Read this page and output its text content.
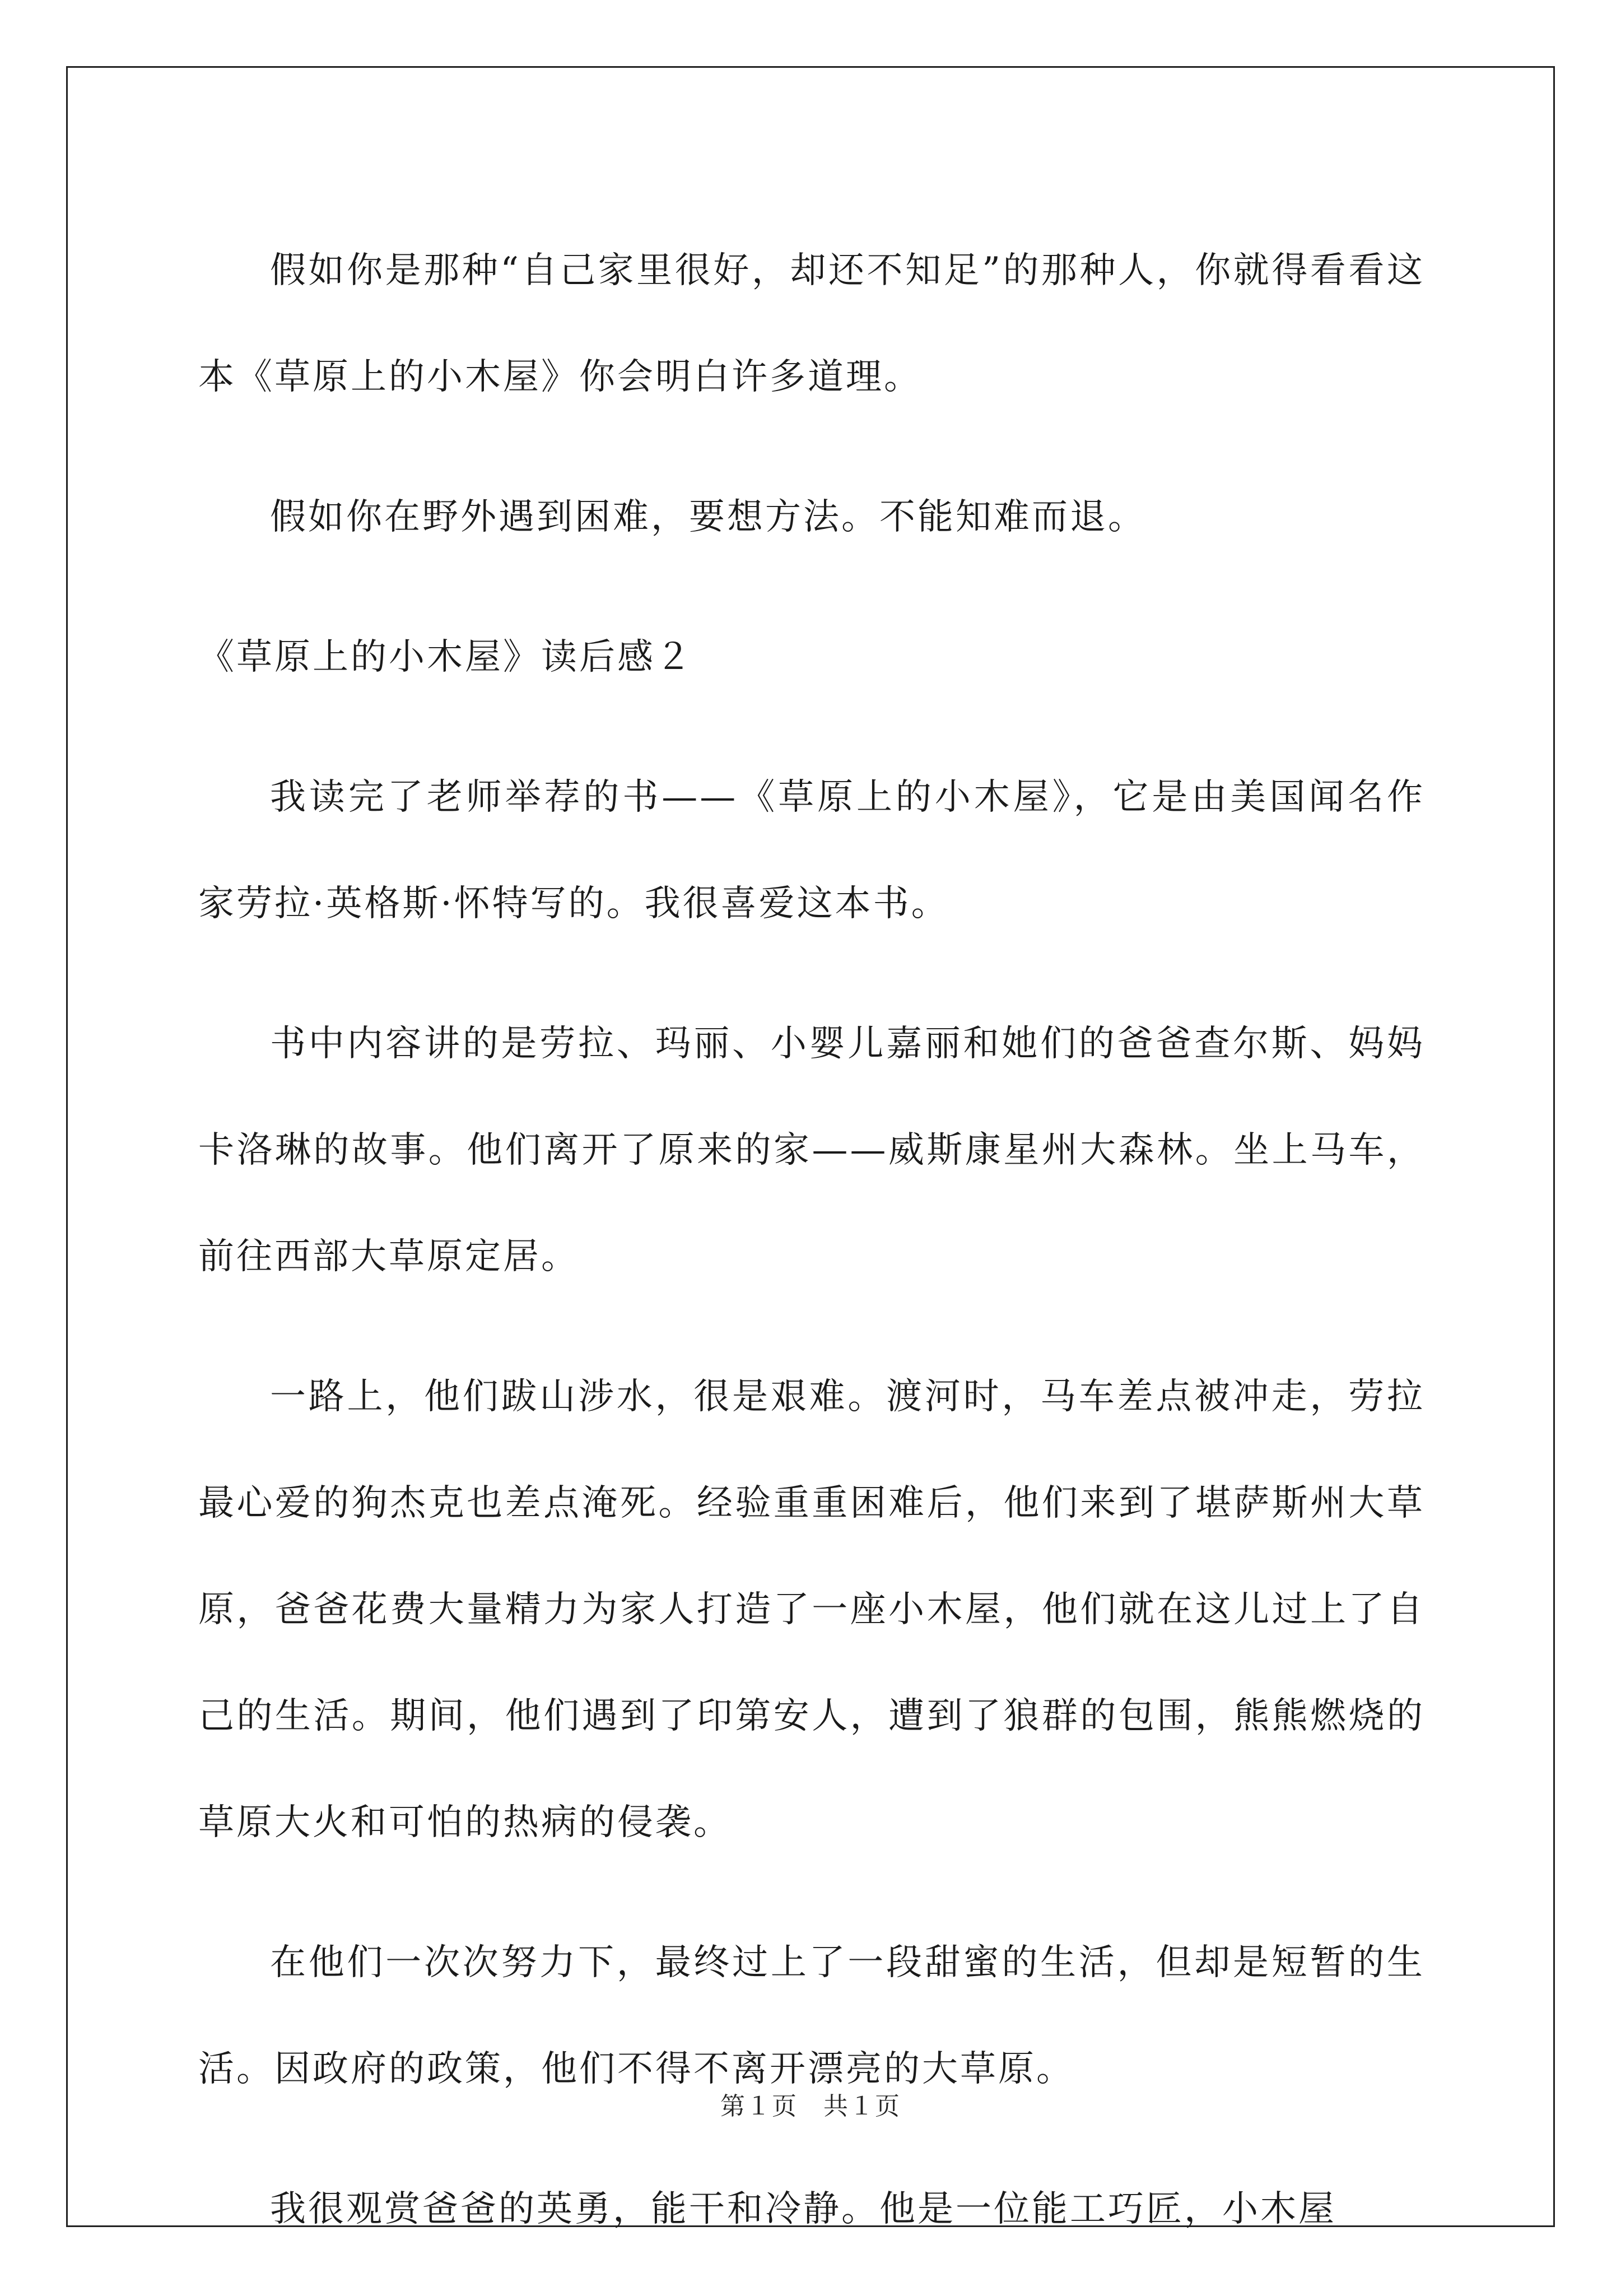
假如你是那种“自己家里很好，却还不知足”的那种人，你就得看看这本《草原上的小木屋》你会明白许多道理。

假如你在野外遇到困难，要想方法。不能知难而退。

《草原上的小木屋》读后感２

我读完了老师举荐的书——《草原上的小木屋》，它是由美国闻名作家劳拉·英格斯·怀特写的。我很喜爱这本书。

书中内容讲的是劳拉、玛丽、小婴儿嘉丽和她们的爸爸查尔斯、妈妈卡洛琳的故事。他们离开了原来的家——威斯康星州大森林。坐上马车，前往西部大草原定居。

一路上，他们跋山涉水，很是艰难。渡河时，马车差点被冲走，劳拉最心爱的狗杰克也差点淹死。经验重重困难后，他们来到了堪萨斯州大草原，爸爸花费大量精力为家人打造了一座小木屋，他们就在这儿过上了自己的生活。期间，他们遇到了印第安人，遭到了狼群的包围，熊熊燃烧的草原大火和可怕的热病的侵袭。

在他们一次次努力下，最终过上了一段甜蜜的生活，但却是短暂的生活。因政府的政策，他们不得不离开漂亮的大草原。

我很观赏爸爸的英勇，能干和冷静。他是一位能工巧匠，小木屋

第１页　共１页
